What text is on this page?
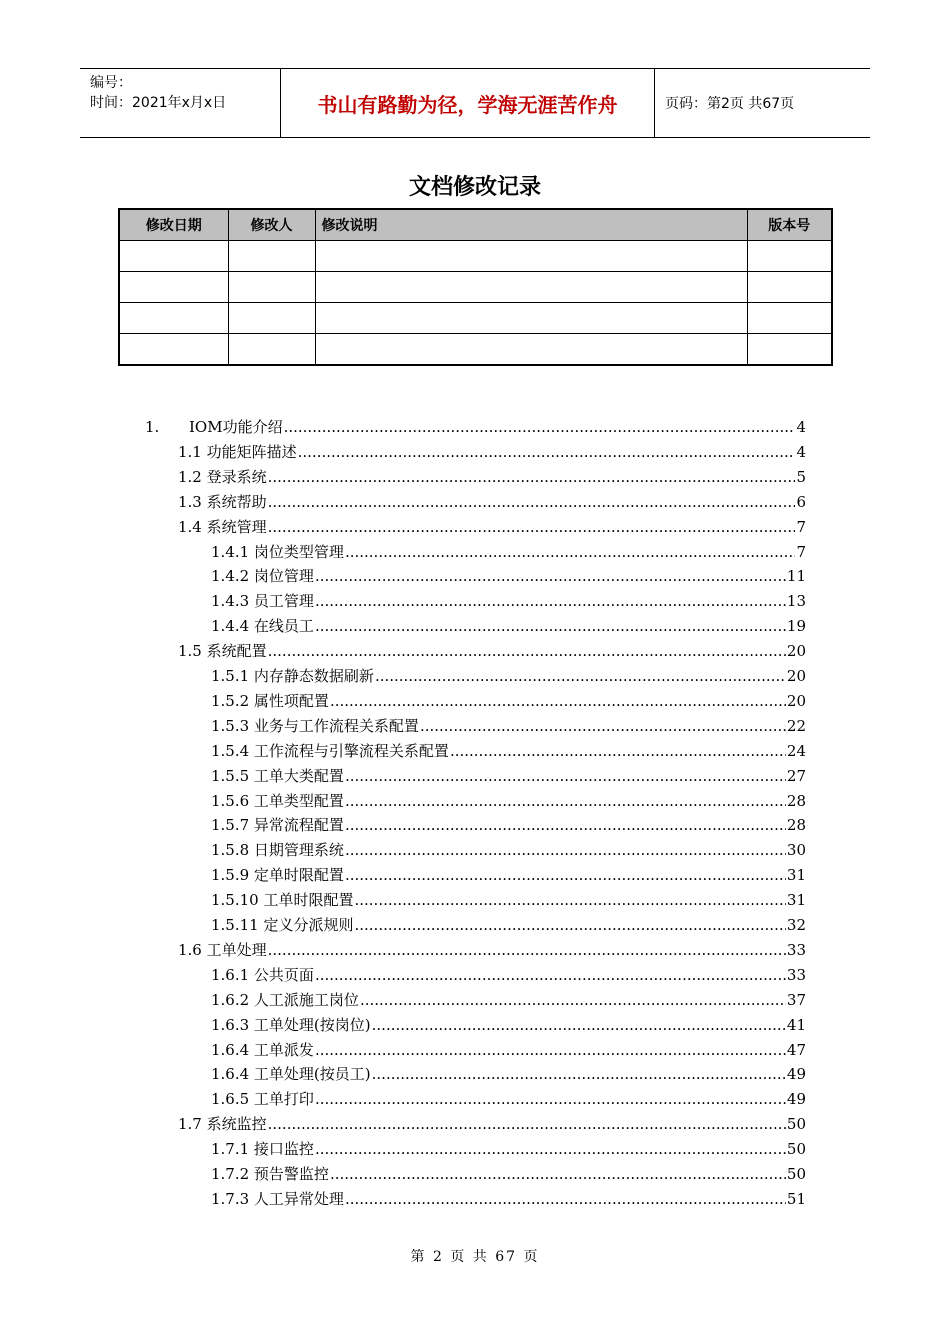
编号：
时间：2021年x月x日	书山有路勤为径，学海无涯苦作舟	页码：第2页 共67页
文档修改记录
修改日期	修改人	修改说明	版本号

1.	IOM功能介绍 .....	4
1.1 功能矩阵描述 .....	4
1.2 登录系统 .....	5
1.3 系统帮助 .....	6
1.4 系统管理 .....	7
1.4.1 岗位类型管理 .....	7
1.4.2 岗位管理 .....	11
1.4.3 员工管理 .....	13
1.4.4 在线员工 .....	19
1.5 系统配置 .....	20
1.5.1 内存静态数据刷新 .....	20
1.5.2 属性项配置 .....	20
1.5.3 业务与工作流程关系配置 .....	22
1.5.4 工作流程与引擎流程关系配置 .....	24
1.5.5 工单大类配置 .....	27
1.5.6 工单类型配置 .....	28
1.5.7 异常流程配置 .....	28
1.5.8 日期管理系统 .....	30
1.5.9 定单时限配置 .....	31
1.5.10 工单时限配置 .....	31
1.5.11 定义分派规则 .....	32
1.6 工单处理 .....	33
1.6.1 公共页面 .....	33
1.6.2 人工派施工岗位 .....	37
1.6.3 工单处理(按岗位) .....	41
1.6.4 工单派发 .....	47
1.6.4 工单处理(按员工) .....	49
1.6.5 工单打印 .....	49
1.7 系统监控 .....	50
1.7.1 接口监控 .....	50
1.7.2 预告警监控 .....	50
1.7.3 人工异常处理 .....	51
第 2 页 共 67 页
